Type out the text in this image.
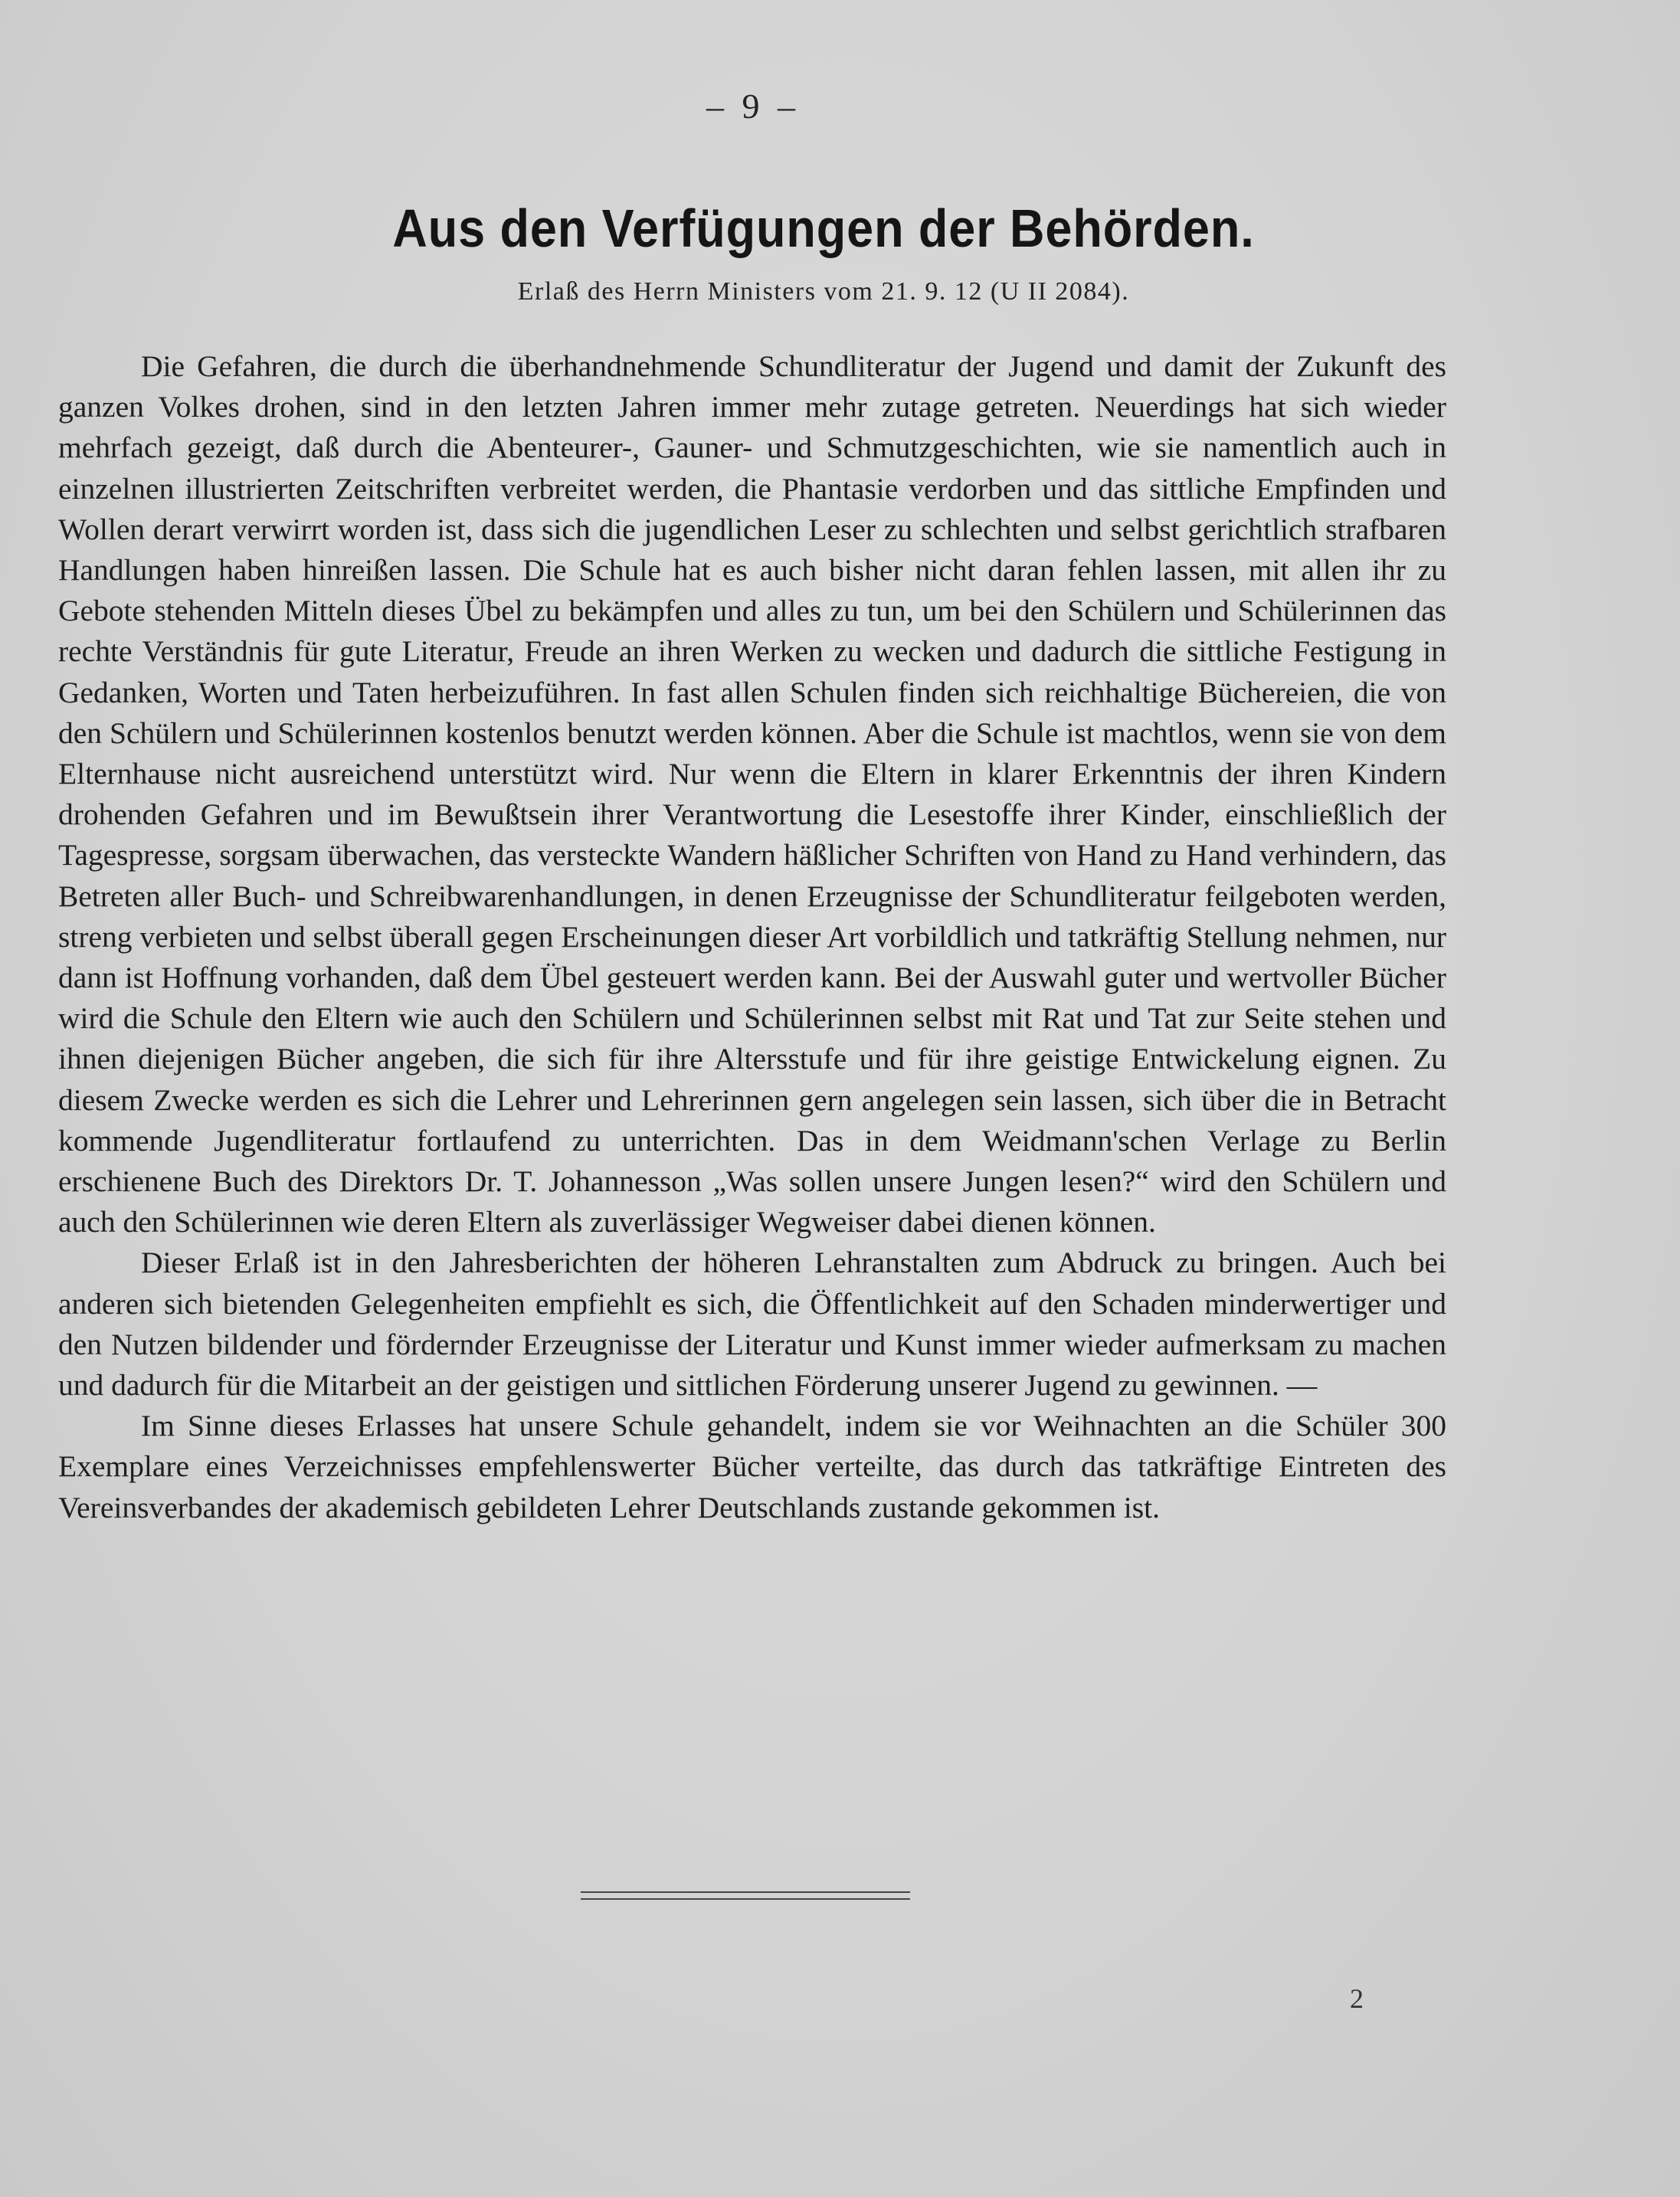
– 9 –
Aus den Verfügungen der Behörden.
Erlaß des Herrn Ministers vom 21. 9. 12 (U II 2084).

Die Gefahren, die durch die überhandnehmende Schundliteratur der Jugend und damit der Zukunft des ganzen Volkes drohen, sind in den letzten Jahren immer mehr zutage getreten. Neuerdings hat sich wieder mehrfach gezeigt, daß durch die Abenteurer-, Gauner- und Schmutzgeschichten, wie sie namentlich auch in einzelnen illustrierten Zeitschriften verbreitet werden, die Phantasie verdorben und das sittliche Empfinden und Wollen derart verwirrt worden ist, dass sich die jugendlichen Leser zu schlechten und selbst gerichtlich strafbaren Handlungen haben hinreißen lassen. Die Schule hat es auch bisher nicht daran fehlen lassen, mit allen ihr zu Gebote stehenden Mitteln dieses Übel zu bekämpfen und alles zu tun, um bei den Schülern und Schülerinnen das rechte Verständnis für gute Literatur, Freude an ihren Werken zu wecken und dadurch die sittliche Festigung in Gedanken, Worten und Taten herbeizuführen. In fast allen Schulen finden sich reichhaltige Büchereien, die von den Schülern und Schülerinnen kostenlos benutzt werden können. Aber die Schule ist machtlos, wenn sie von dem Elternhause nicht ausreichend unterstützt wird. Nur wenn die Eltern in klarer Erkenntnis der ihren Kindern drohenden Gefahren und im Bewußtsein ihrer Verantwortung die Lesestoffe ihrer Kinder, einschließlich der Tagespresse, sorgsam überwachen, das versteckte Wandern häßlicher Schriften von Hand zu Hand verhindern, das Betreten aller Buch- und Schreibwarenhandlungen, in denen Erzeugnisse der Schundliteratur feilgeboten werden, streng verbieten und selbst überall gegen Erscheinungen dieser Art vorbildlich und tatkräftig Stellung nehmen, nur dann ist Hoffnung vorhanden, daß dem Übel gesteuert werden kann. Bei der Auswahl guter und wertvoller Bücher wird die Schule den Eltern wie auch den Schülern und Schülerinnen selbst mit Rat und Tat zur Seite stehen und ihnen diejenigen Bücher angeben, die sich für ihre Altersstufe und für ihre geistige Entwickelung eignen. Zu diesem Zwecke werden es sich die Lehrer und Lehrerinnen gern angelegen sein lassen, sich über die in Betracht kommende Jugendliteratur fortlaufend zu unterrichten. Das in dem Weidmann'schen Verlage zu Berlin erschienene Buch des Direktors Dr. T. Johannesson „Was sollen unsere Jungen lesen?“ wird den Schülern und auch den Schülerinnen wie deren Eltern als zuverlässiger Wegweiser dabei dienen können.

Dieser Erlaß ist in den Jahresberichten der höheren Lehranstalten zum Abdruck zu bringen. Auch bei anderen sich bietenden Gelegenheiten empfiehlt es sich, die Öffentlichkeit auf den Schaden minderwertiger und den Nutzen bildender und fördernder Erzeugnisse der Literatur und Kunst immer wieder aufmerksam zu machen und dadurch für die Mitarbeit an der geistigen und sittlichen Förderung unserer Jugend zu gewinnen. —

Im Sinne dieses Erlasses hat unsere Schule gehandelt, indem sie vor Weihnachten an die Schüler 300 Exemplare eines Verzeichnisses empfehlenswerter Bücher verteilte, das durch das tatkräftige Eintreten des Vereinsverbandes der akademisch gebildeten Lehrer Deutschlands zustande gekommen ist.

2
